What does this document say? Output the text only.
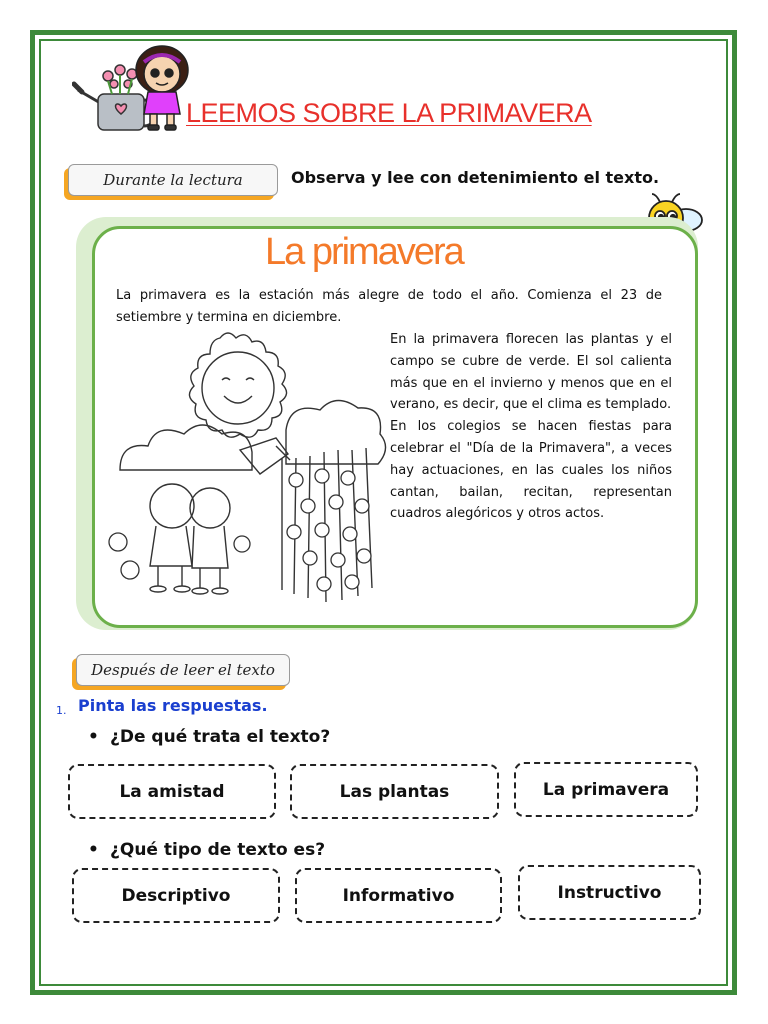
LEEMOS SOBRE LA PRIMAVERA
Durante la lectura	Observa y lee con detenimiento el texto.
La primavera
La primavera es la estación más alegre de todo el año. Comienza el 23 de setiembre y termina en diciembre.

En la primavera florecen las plantas y el campo se cubre de verde. El sol calienta más que en el invierno y menos que en el verano, es decir, que el clima es templado.

En los colegios se hacen fiestas para celebrar el "Día de la Primavera", a veces hay actuaciones, en las cuales los niños cantan, bailan, recitan, representan cuadros alegóricos y otros actos.

Después de leer el texto
1. Pinta las respuestas.
• ¿De qué trata el texto?
La amistad	Las plantas	La primavera
• ¿Qué tipo de texto es?
Descriptivo	Informativo	Instructivo
